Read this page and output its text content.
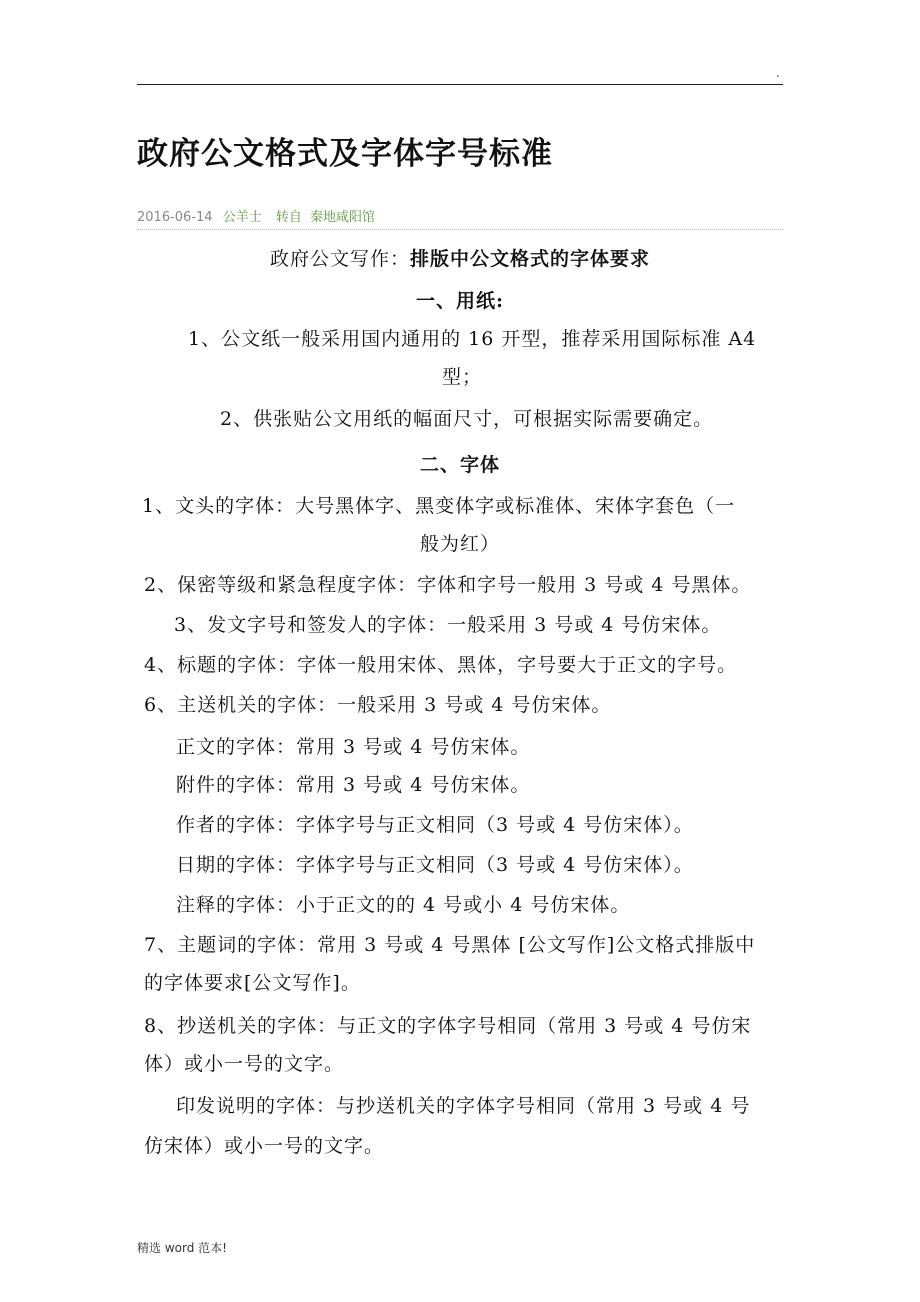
.
政府公文格式及字体字号标准
2016-06-14 公羊士 转自 秦地咸阳馆
政府公文写作：排版中公文格式的字体要求
一、用纸:
1、公文纸一般采用国内通用的 16 开型，推荐采用国际标准 A4
型；
2、供张贴公文用纸的幅面尺寸，可根据实际需要确定。
二、字体
1、文头的字体：大号黑体字、黑变体字或标准体、宋体字套色（一
般为红）
2、保密等级和紧急程度字体：字体和字号一般用 3 号或 4 号黑体。
3、发文字号和签发人的字体：一般采用 3 号或 4 号仿宋体。
4、标题的字体：字体一般用宋体、黑体，字号要大于正文的字号。
6、主送机关的字体：一般采用 3 号或 4 号仿宋体。
正文的字体：常用 3 号或 4 号仿宋体。
附件的字体：常用 3 号或 4 号仿宋体。
作者的字体：字体字号与正文相同（3 号或 4 号仿宋体）。
日期的字体：字体字号与正文相同（3 号或 4 号仿宋体）。
注释的字体：小于正文的的 4 号或小 4 号仿宋体。
7、主题词的字体：常用 3 号或 4 号黑体 [公文写作]公文格式排版中
的字体要求[公文写作]。
8、抄送机关的字体：与正文的字体字号相同（常用 3 号或 4 号仿宋
体）或小一号的文字。
印发说明的字体：与抄送机关的字体字号相同（常用 3 号或 4 号
仿宋体）或小一号的文字。
精选 word 范本!
